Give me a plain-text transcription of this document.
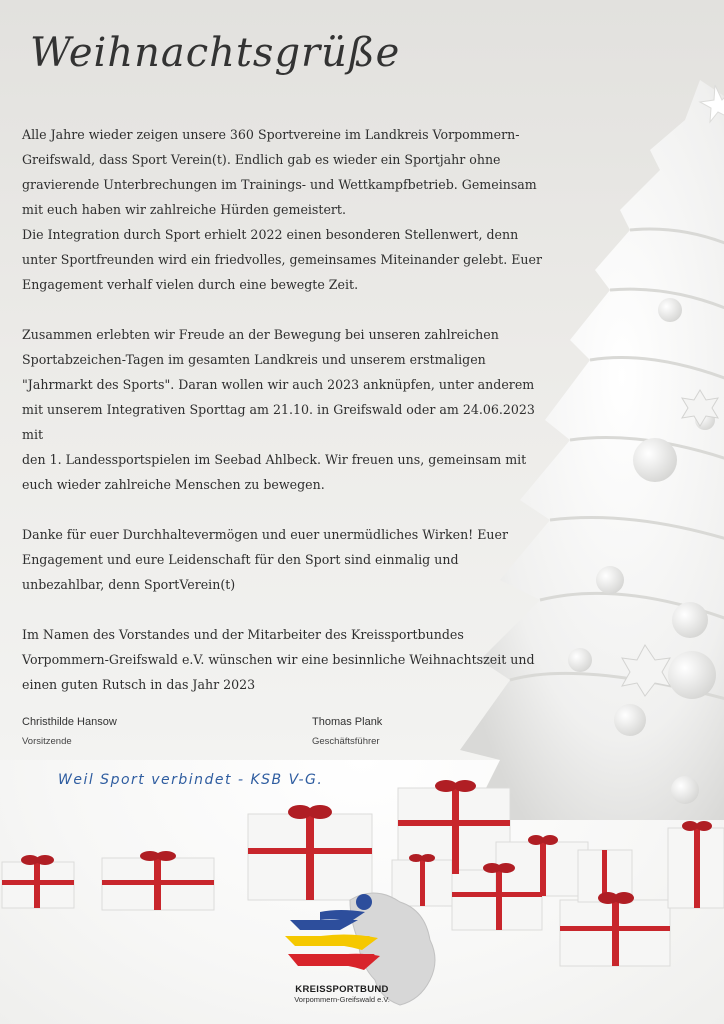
Weihnachtsgrüße

Alle Jahre wieder zeigen unsere 360 Sportvereine im Landkreis Vorpommern-
Greifswald, dass Sport Verein(t). Endlich gab es wieder ein Sportjahr ohne
gravierende Unterbrechungen im Trainings- und Wettkampfbetrieb. Gemeinsam
mit euch haben wir zahlreiche Hürden gemeistert.
Die Integration durch Sport erhielt 2022 einen besonderen Stellenwert, denn
unter Sportfreunden wird ein friedvolles, gemeinsames Miteinander gelebt. Euer
Engagement verhalf vielen durch eine bewegte Zeit.

Zusammen erlebten wir Freude an der Bewegung bei unseren zahlreichen
Sportabzeichen-Tagen im gesamten Landkreis und unserem erstmaligen
"Jahrmarkt des Sports". Daran wollen wir auch 2023 anknüpfen, unter anderem
mit unserem Integrativen Sporttag am 21.10. in Greifswald oder am 24.06.2023 mit
den 1. Landessportspielen im Seebad Ahlbeck. Wir freuen uns, gemeinsam mit
euch wieder zahlreiche Menschen zu bewegen.

Danke für euer Durchhaltevermögen und euer unermüdliches Wirken! Euer
Engagement und eure Leidenschaft für den Sport sind einmalig und
unbezahlbar, denn SportVerein(t)

Im Namen des Vorstandes und der Mitarbeiter des Kreissportbundes
Vorpommern-Greifswald e.V. wünschen wir eine besinnliche Weihnachtszeit und
einen guten Rutsch in das Jahr 2023

Christhilde Hansow
Vorsitzende
Thomas Plank
Geschäftsführer
Weil Sport verbindet - KSB V-G.
KREISSPORTBUND
Vorpommern-Greifswald e.V.
